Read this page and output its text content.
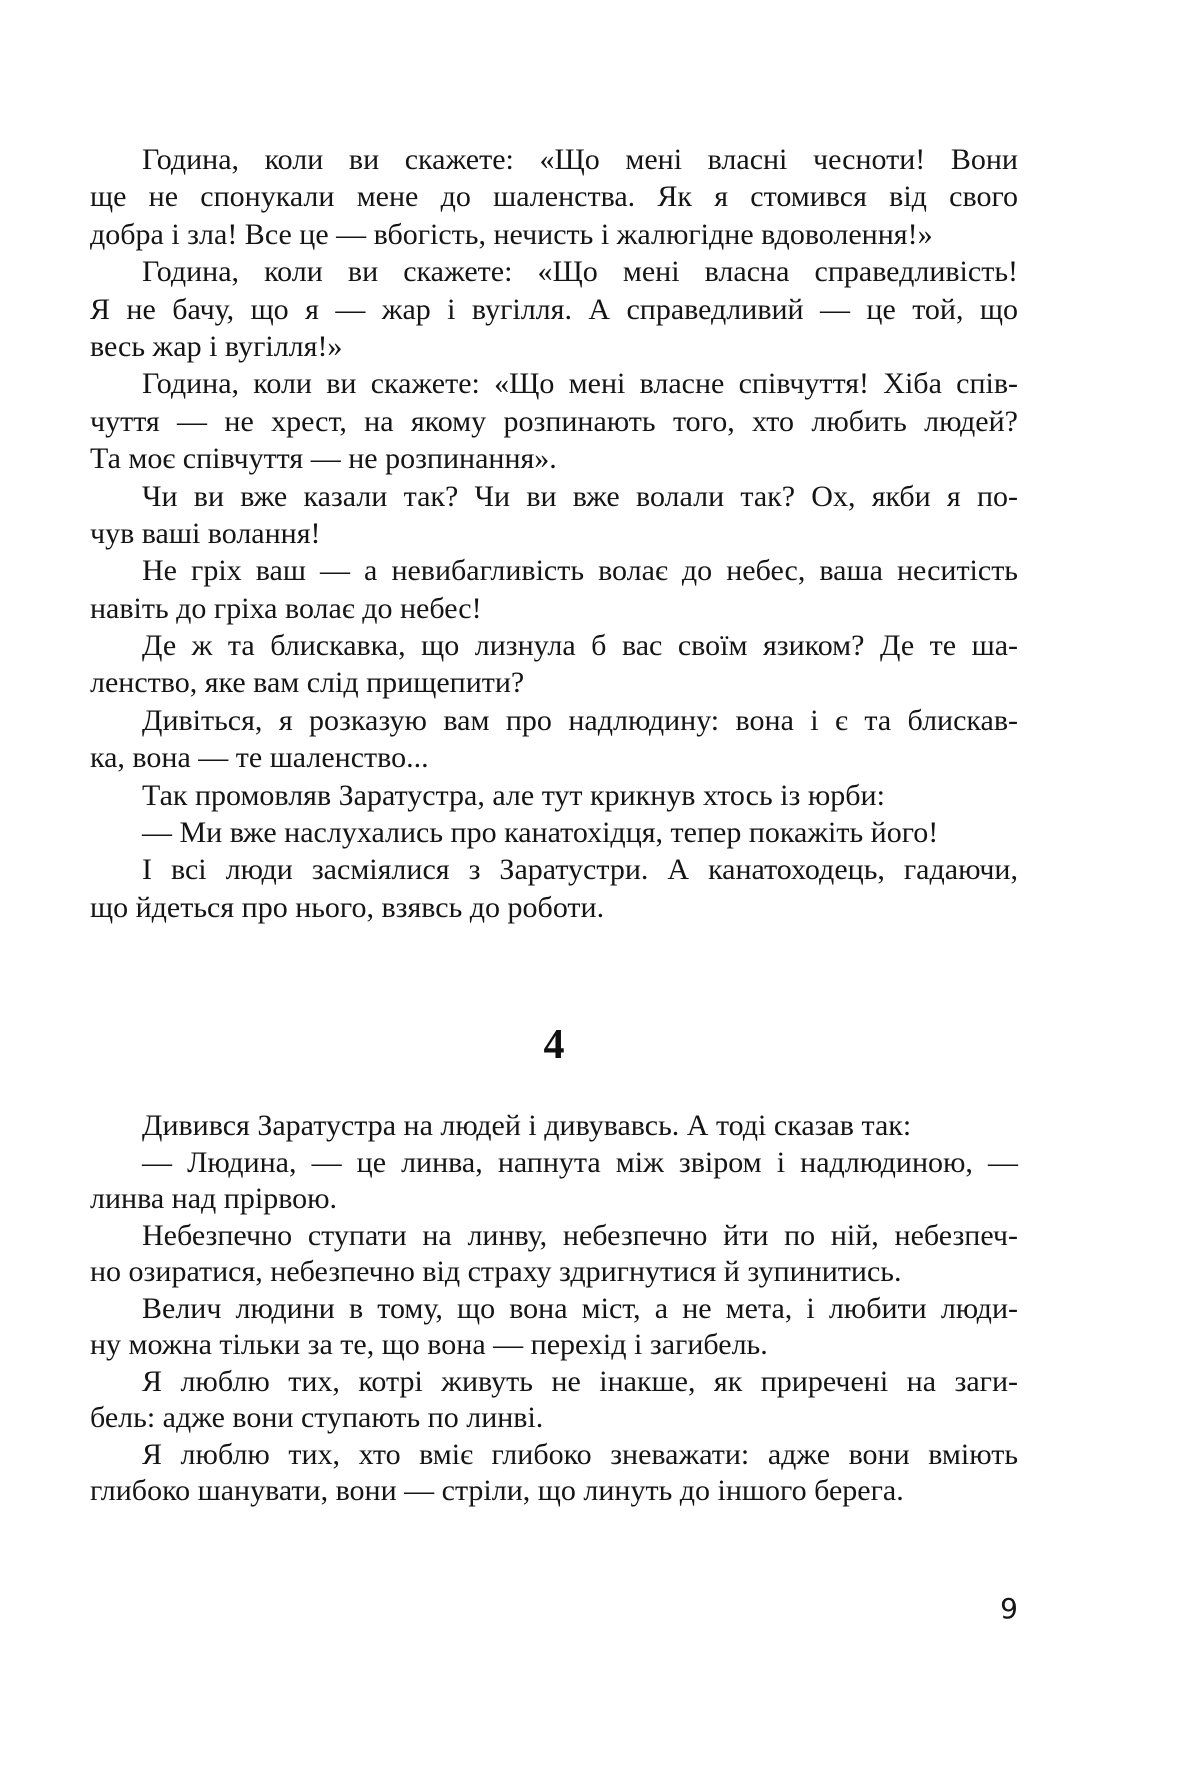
Година, коли ви скажете: «Що мені власні чесноти! Вони
ще не спонукали мене до шаленства. Як я стомився від свого
добра і зла! Все це — вбогість, нечисть і жалюгідне вдоволення!»
Година, коли ви скажете: «Що мені власна справедливість!
Я не бачу, що я — жар і вугілля. А справедливий — це той, що
весь жар і вугілля!»
Година, коли ви скажете: «Що мені власне співчуття! Хіба спів-
чуття — не хрест, на якому розпинають того, хто любить людей?
Та моє співчуття — не розпинання».
Чи ви вже казали так? Чи ви вже волали так? Ох, якби я по-
чув ваші волання!
Не гріх ваш — а невибагливість волає до небес, ваша неситість
навіть до гріха волає до небес!
Де ж та блискавка, що лизнула б вас своїм язиком? Де те ша-
ленство, яке вам слід прищепити?
Дивіться, я розказую вам про надлюдину: вона і є та блискав-
ка, вона — те шаленство...
Так промовляв Заратустра, але тут крикнув хтось із юрби:
— Ми вже наслухались про канатохідця, тепер покажіть його!
І всі люди засміялися з Заратустри. А канатоходець, гадаючи,
що йдеться про нього, взявсь до роботи.
4
Дивився Заратустра на людей і дивувавсь. А тоді сказав так:
— Людина, — це линва, напнута між звіром і надлюдиною, —
линва над прірвою.
Небезпечно ступати на линву, небезпечно йти по ній, небезпеч-
но озиратися, небезпечно від страху здригнутися й зупинитись.
Велич людини в тому, що вона міст, а не мета, і любити люди-
ну можна тільки за те, що вона — перехід і загибель.
Я люблю тих, котрі живуть не інакше, як приречені на заги-
бель: адже вони ступають по линві.
Я люблю тих, хто вміє глибоко зневажати: адже вони вміють
глибоко шанувати, вони — стріли, що линуть до іншого берега.
9
